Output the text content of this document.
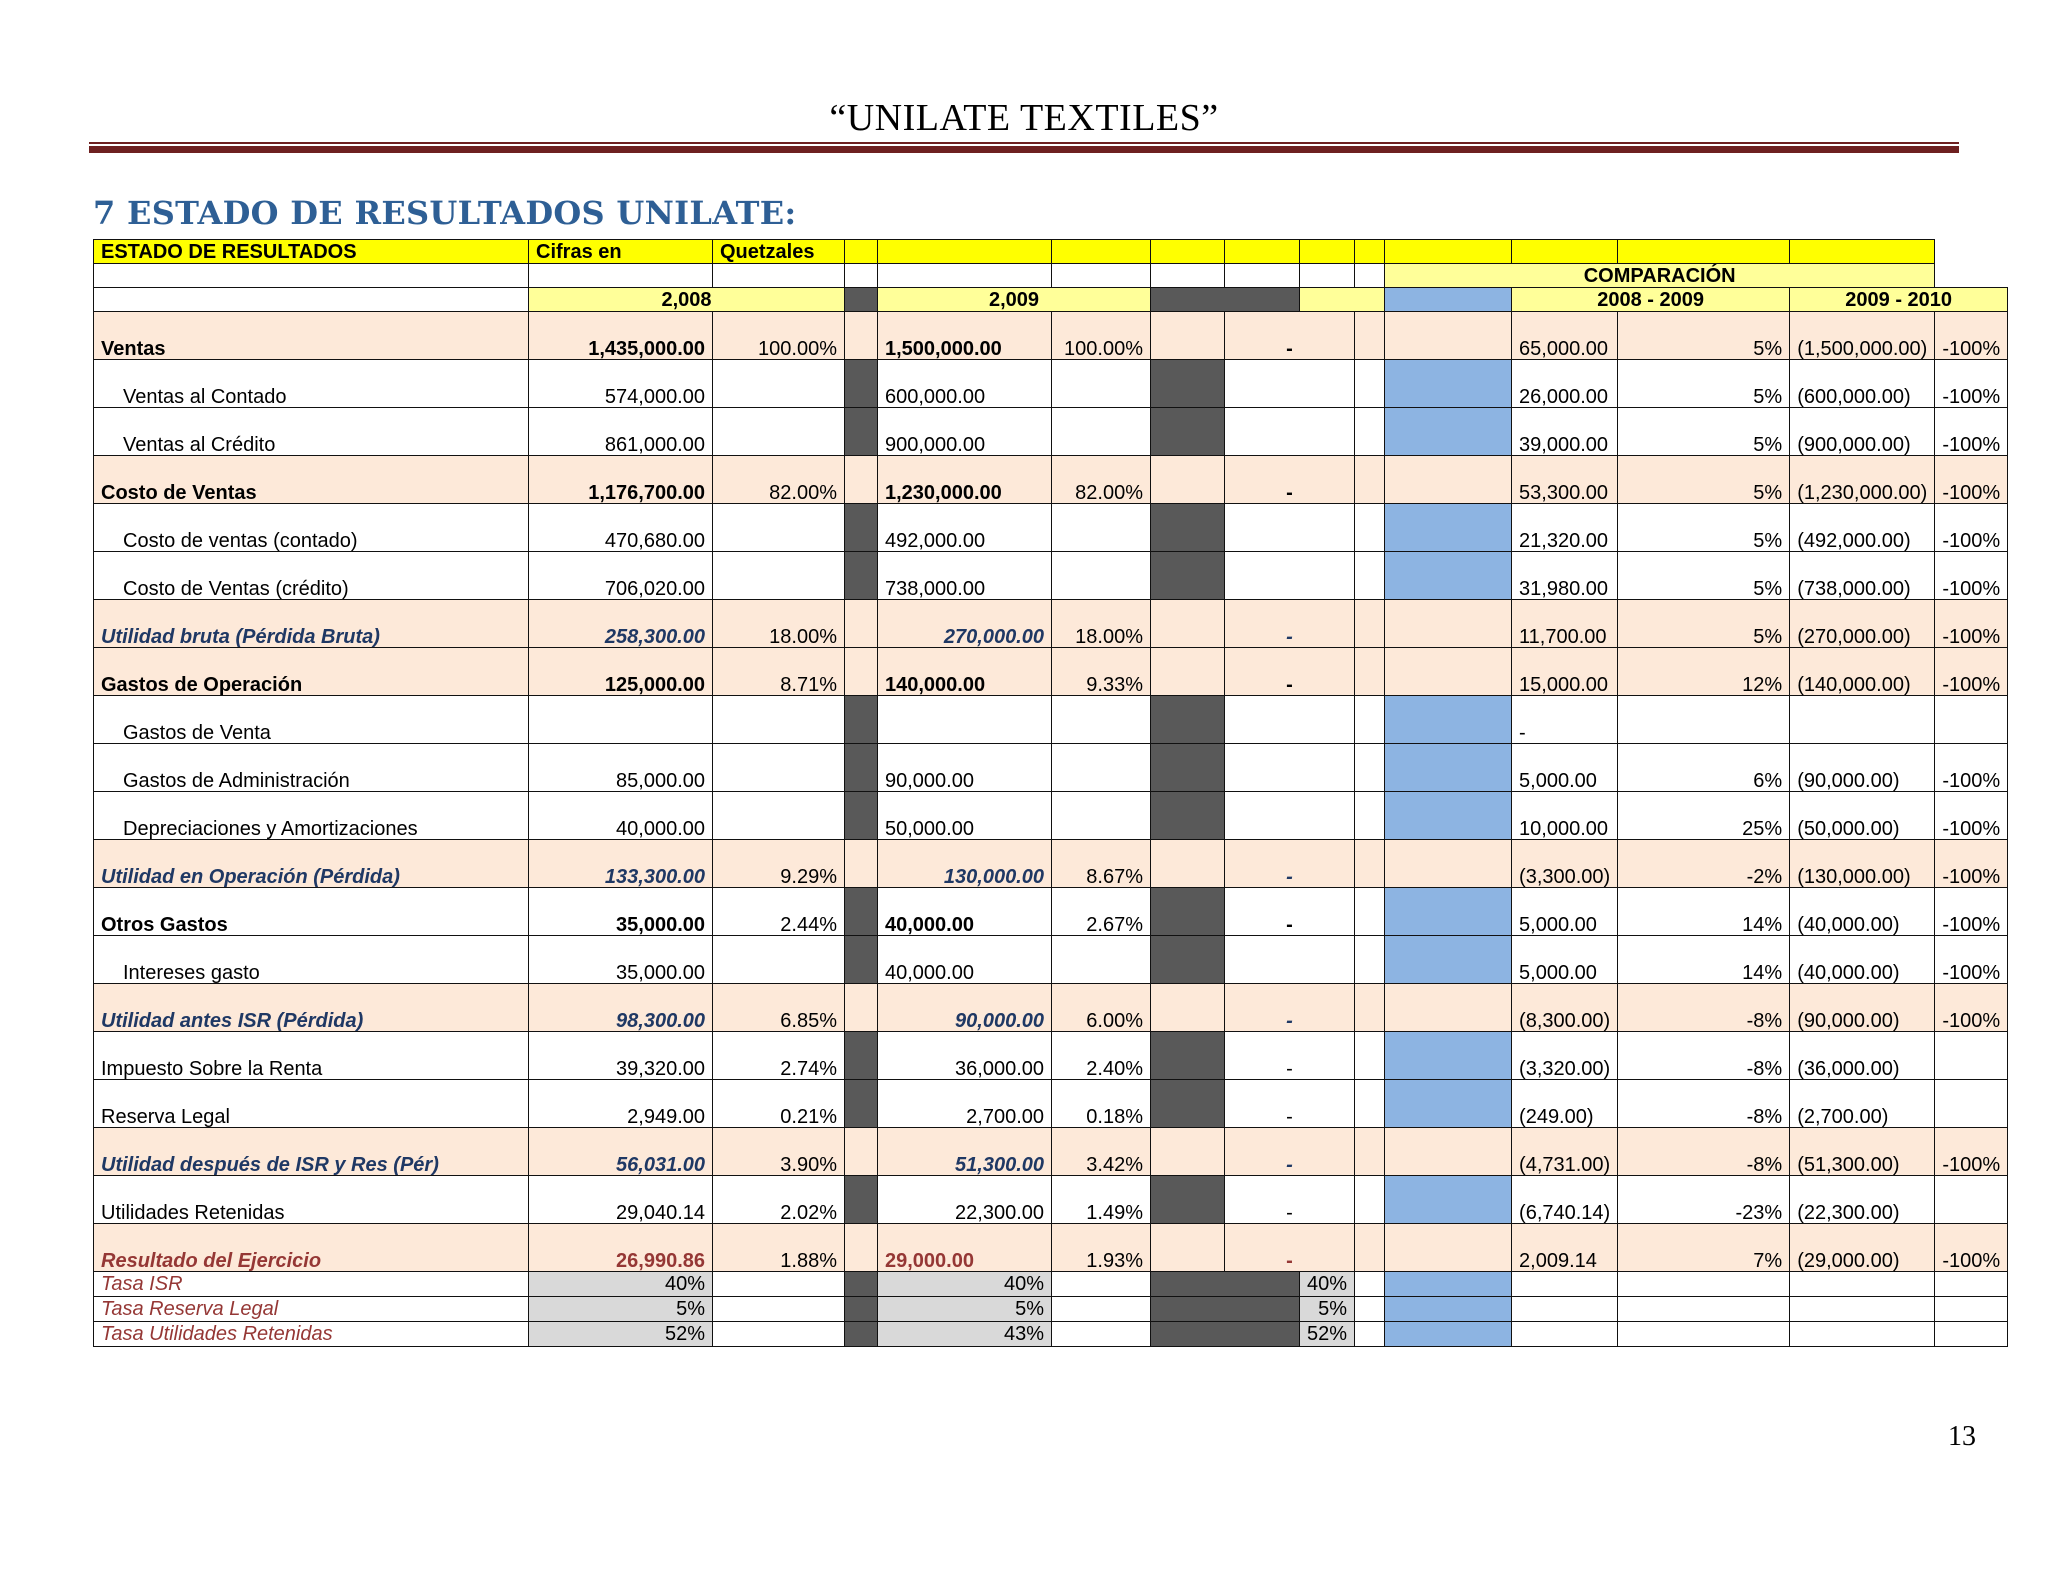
“UNILATE TEXTILES”
7 ESTADO DE RESULTADOS UNILATE:
ESTADO DE RESULTADOS	Cifras en	Quetzales												
										COMPARACIÓN				
	2,008			2,009							2008 - 2009		2009 - 2010	
Ventas	1,435,000.00	100.00%		1,500,000.00	100.00%		-				65,000.00	5%	(1,500,000.00)	-100%
Ventas al Contado	574,000.00			600,000.00							26,000.00	5%	(600,000.00)	-100%
Ventas al Crédito	861,000.00			900,000.00							39,000.00	5%	(900,000.00)	-100%
Costo de Ventas	1,176,700.00	82.00%		1,230,000.00	82.00%		-				53,300.00	5%	(1,230,000.00)	-100%
Costo de ventas (contado)	470,680.00			492,000.00							21,320.00	5%	(492,000.00)	-100%
Costo de Ventas (crédito)	706,020.00			738,000.00							31,980.00	5%	(738,000.00)	-100%
Utilidad bruta (Pérdida Bruta)	258,300.00	18.00%		270,000.00	18.00%		-				11,700.00	5%	(270,000.00)	-100%
Gastos de Operación	125,000.00	8.71%		140,000.00	9.33%		-				15,000.00	12%	(140,000.00)	-100%
Gastos de Venta											-			
Gastos de Administración	85,000.00			90,000.00							5,000.00	6%	(90,000.00)	-100%
Depreciaciones y Amortizaciones	40,000.00			50,000.00							10,000.00	25%	(50,000.00)	-100%
Utilidad en Operación (Pérdida)	133,300.00	9.29%		130,000.00	8.67%		-				(3,300.00)	-2%	(130,000.00)	-100%
Otros Gastos	35,000.00	2.44%		40,000.00	2.67%		-				5,000.00	14%	(40,000.00)	-100%
Intereses gasto	35,000.00			40,000.00							5,000.00	14%	(40,000.00)	-100%
Utilidad antes ISR (Pérdida)	98,300.00	6.85%		90,000.00	6.00%		-				(8,300.00)	-8%	(90,000.00)	-100%
Impuesto Sobre la Renta	39,320.00	2.74%		36,000.00	2.40%		-				(3,320.00)	-8%	(36,000.00)	
Reserva Legal	2,949.00	0.21%		2,700.00	0.18%		-				(249.00)	-8%	(2,700.00)	
Utilidad después de ISR y Res (Pér)	56,031.00	3.90%		51,300.00	3.42%		-				(4,731.00)	-8%	(51,300.00)	-100%
Utilidades Retenidas	29,040.14	2.02%		22,300.00	1.49%		-				(6,740.14)	-23%	(22,300.00)	
Resultado del Ejercicio	26,990.86	1.88%		29,000.00	1.93%		-				2,009.14	7%	(29,000.00)	-100%
Tasa ISR	40%			40%				40%						
Tasa Reserva Legal	5%			5%				5%						
Tasa Utilidades Retenidas	52%			43%				52%						
13
